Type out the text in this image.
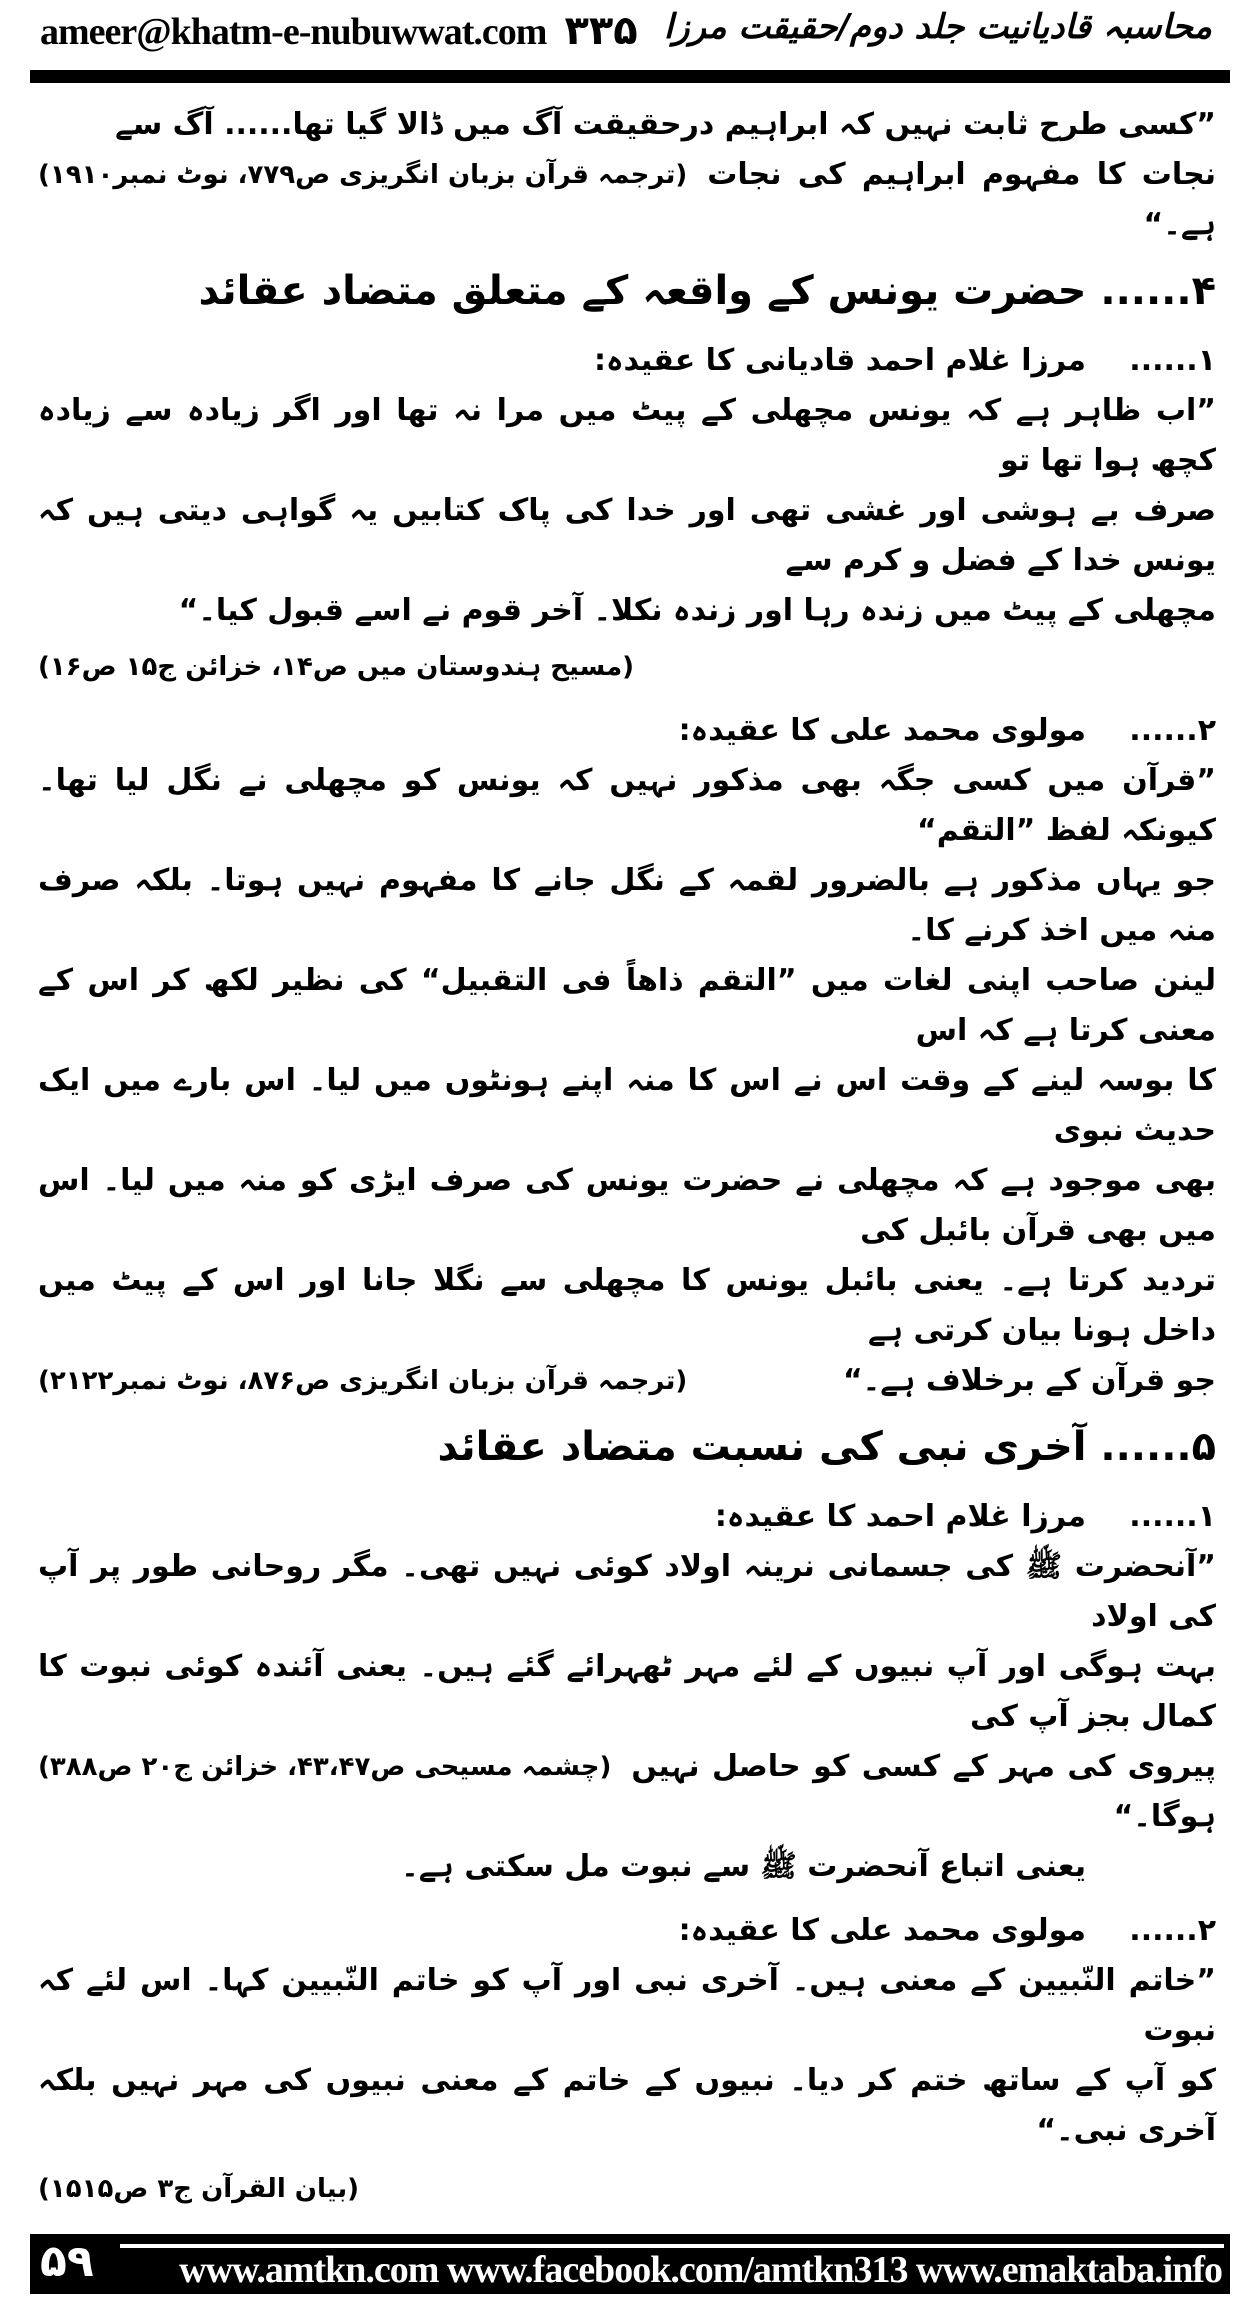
ameer@khatm-e-nubuwwat.com ۳۳۵ محاسبہ قادیانیت جلد دوم/حقیقت مرزا
”کسی طرح ثابت نہیں کہ ابراہیم درحقیقت آگ میں ڈالا گیا تھا...... آگ سے
(ترجمہ قرآن بزبان انگریزی ص۷۷۹، نوٹ نمبر۱۹۱۰) نجات کا مفہوم ابراہیم کی نجات ہے۔“
۴...... حضرت یونس کے واقعہ کے متعلق متضاد عقائد
۱......مرزا غلام احمد قادیانی کا عقیدہ:
”اب ظاہر ہے کہ یونس مچھلی کے پیٹ میں مرا نہ تھا اور اگر زیادہ سے زیادہ کچھ ہوا تھا تو
صرف بے ہوشی اور غشی تھی اور خدا کی پاک کتابیں یہ گواہی دیتی ہیں کہ یونس خدا کے فضل و کرم سے
مچھلی کے پیٹ میں زندہ رہا اور زندہ نکلا۔ آخر قوم نے اسے قبول کیا۔“
(مسیح ہندوستان میں ص۱۴، خزائن ج۱۵ ص۱۶)
۲......مولوی محمد علی کا عقیدہ:
”قرآن میں کسی جگہ بھی مذکور نہیں کہ یونس کو مچھلی نے نگل لیا تھا۔ کیونکہ لفظ ”التقم“
جو یہاں مذکور ہے بالضرور لقمہ کے نگل جانے کا مفہوم نہیں ہوتا۔ بلکہ صرف منہ میں اخذ کرنے کا۔
لینن صاحب اپنی لغات میں ”التقم ذاھاً فی التقبیل“ کی نظیر لکھ کر اس کے معنی کرتا ہے کہ اس
کا بوسہ لینے کے وقت اس نے اس کا منہ اپنے ہونٹوں میں لیا۔ اس بارے میں ایک حدیث نبوی
بھی موجود ہے کہ مچھلی نے حضرت یونس کی صرف ایڑی کو منہ میں لیا۔ اس میں بھی قرآن بائبل کی
تردید کرتا ہے۔ یعنی بائبل یونس کا مچھلی سے نگلا جانا اور اس کے پیٹ میں داخل ہونا بیان کرتی ہے
(ترجمہ قرآن بزبان انگریزی ص۸۷۶، نوٹ نمبر۲۱۲۲)	جو قرآن کے برخلاف ہے۔“
۵...... آخری نبی کی نسبت متضاد عقائد
۱......مرزا غلام احمد کا عقیدہ:
”آنحضرت ﷺ کی جسمانی نرینہ اولاد کوئی نہیں تھی۔ مگر روحانی طور پر آپ کی اولاد
بہت ہوگی اور آپ نبیوں کے لئے مہر ٹھہرائے گئے ہیں۔ یعنی آئندہ کوئی نبوت کا کمال بجز آپ کی
(چشمہ مسیحی ص۴۳،۴۷، خزائن ج۲۰ ص۳۸۸) پیروی کی مہر کے کسی کو حاصل نہیں ہوگا۔“
یعنی اتباع آنحضرت ﷺ سے نبوت مل سکتی ہے۔
۲......مولوی محمد علی کا عقیدہ:
”خاتم النّبیین کے معنی ہیں۔ آخری نبی اور آپ کو خاتم النّبیین کہا۔ اس لئے کہ نبوت
کو آپ کے ساتھ ختم کر دیا۔ نبیوں کے خاتم کے معنی نبیوں کی مہر نہیں بلکہ آخری نبی۔“
(بیان القرآن ج۳ ص۱۵۱۵)
۵۹ www.amtkn.com www.facebook.com/amtkn313 www.emaktaba.info
